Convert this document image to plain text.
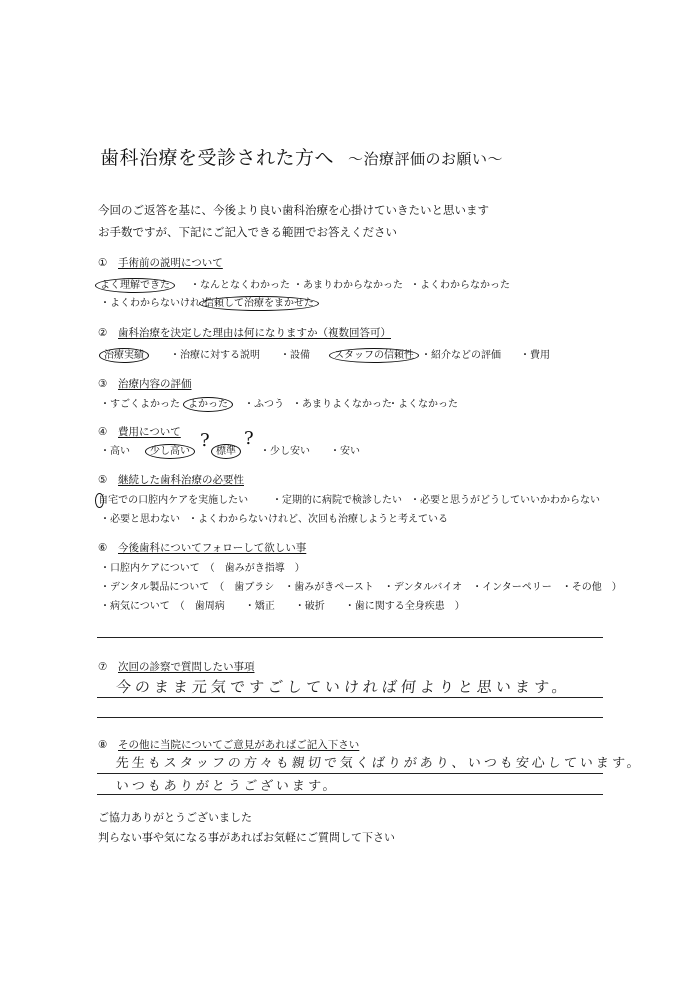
歯科治療を受診された方へ ～治療評価のお願い～
今回のご返答を基に、今後より良い歯科治療を心掛けていきたいと思います
お手数ですが、下記にご記入できる範囲でお答えください
① 手術前の説明について
よく理解できた	・なんとなくわかった ・あまりわからなかった ・よくわからなかった
・よくわからないけれど
信頼して治療をまかせた
② 歯科治療を決定した理由は何になりますか（複数回答可）
治療実績	・治療に対する説明 ・設備 スタッフの信頼性 ・紹介などの評価 ・費用
③ 治療内容の評価
・すごくよかった よかった	・ふつう ・あまりよくなかった
・よくなかった
④ 費用について
・高い 少し高い
?
標準
?
・少し安い ・安い
⑤ 継続した歯科治療の必要性
自宅での口腔内ケアを実施したい ・定期的に病院で検診したい ・必要と思うがどうしていいかわからない
・必要と思わない ・よくわからないけれど、次回も治療しようと考えている
⑥ 今後歯科についてフォローして欲しい事
・口腔内ケアについて　（　歯みがき指導　）
・デンタル製品について　（　歯ブラシ　・歯みがきペースト　・デンタルバイオ　・インターペリー　・その他　）
・病気について　（　歯周病　　・矯正　　・破折　　・歯に関する全身疾患　）
⑦ 次回の診察で質問したい事項
今のまま元気ですごしていければ何よりと思います。
⑧ その他に当院についてご意見があればご記入下さい
先生もスタッフの方々も親切で気くばりがあり、いつも安心しています。
いつもありがとうございます。
ご協力ありがとうございました
判らない事や気になる事があればお気軽にご質問して下さい
